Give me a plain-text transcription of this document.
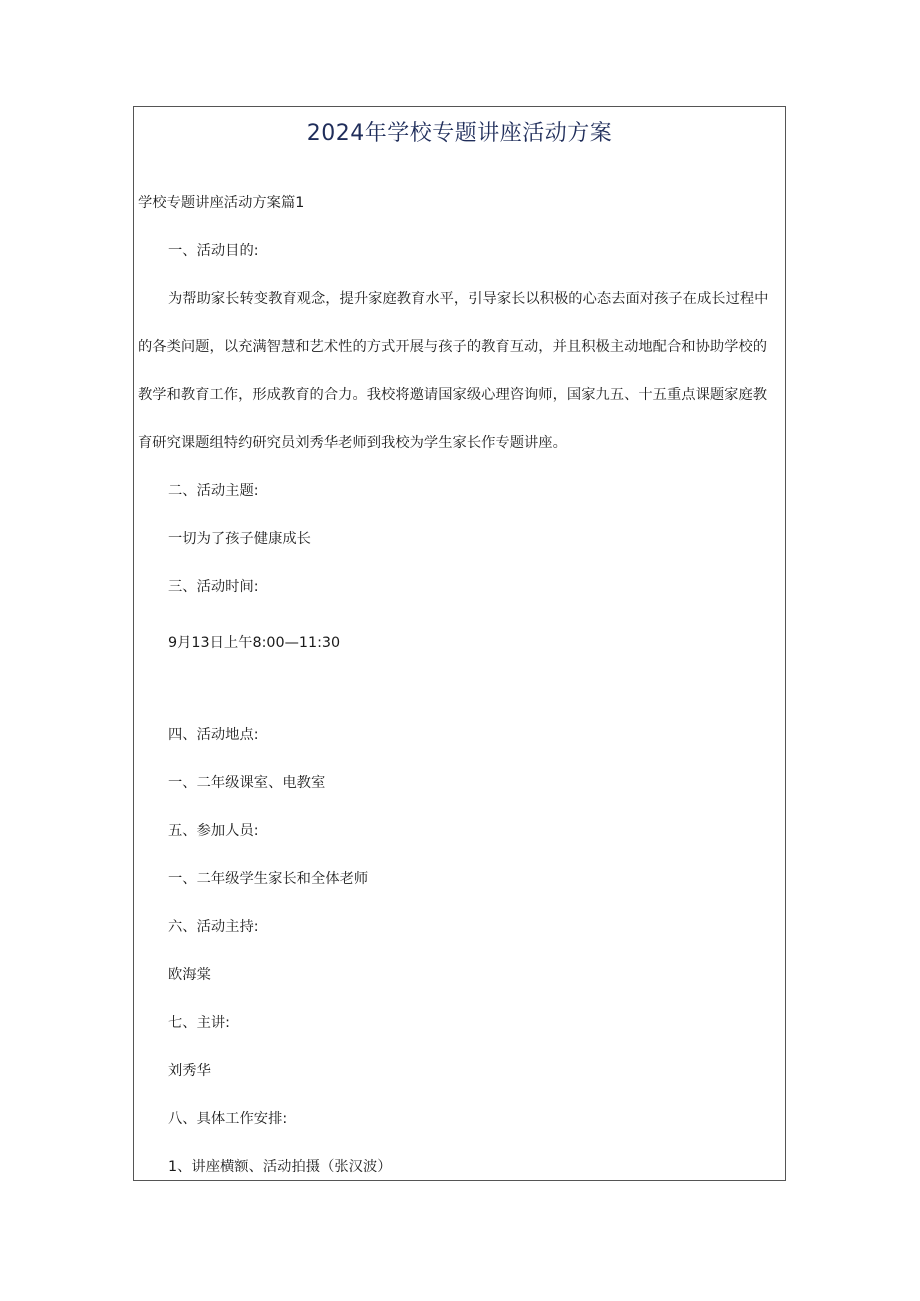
2024年学校专题讲座活动方案
学校专题讲座活动方案篇1
一、活动目的:
为帮助家长转变教育观念，提升家庭教育水平，引导家长以积极的心态去面对孩子在成长过程中
的各类问题，以充满智慧和艺术性的方式开展与孩子的教育互动，并且积极主动地配合和协助学校的
教学和教育工作，形成教育的合力。我校将邀请国家级心理咨询师，国家九五、十五重点课题家庭教
育研究课题组特约研究员刘秀华老师到我校为学生家长作专题讲座。
二、活动主题:
一切为了孩子健康成长
三、活动时间:
9月13日上午8:00—11:30
四、活动地点:
一、二年级课室、电教室
五、参加人员:
一、二年级学生家长和全体老师
六、活动主持:
欧海棠
七、主讲:
刘秀华
八、具体工作安排:
1、讲座横额、活动拍摄（张汉波）
